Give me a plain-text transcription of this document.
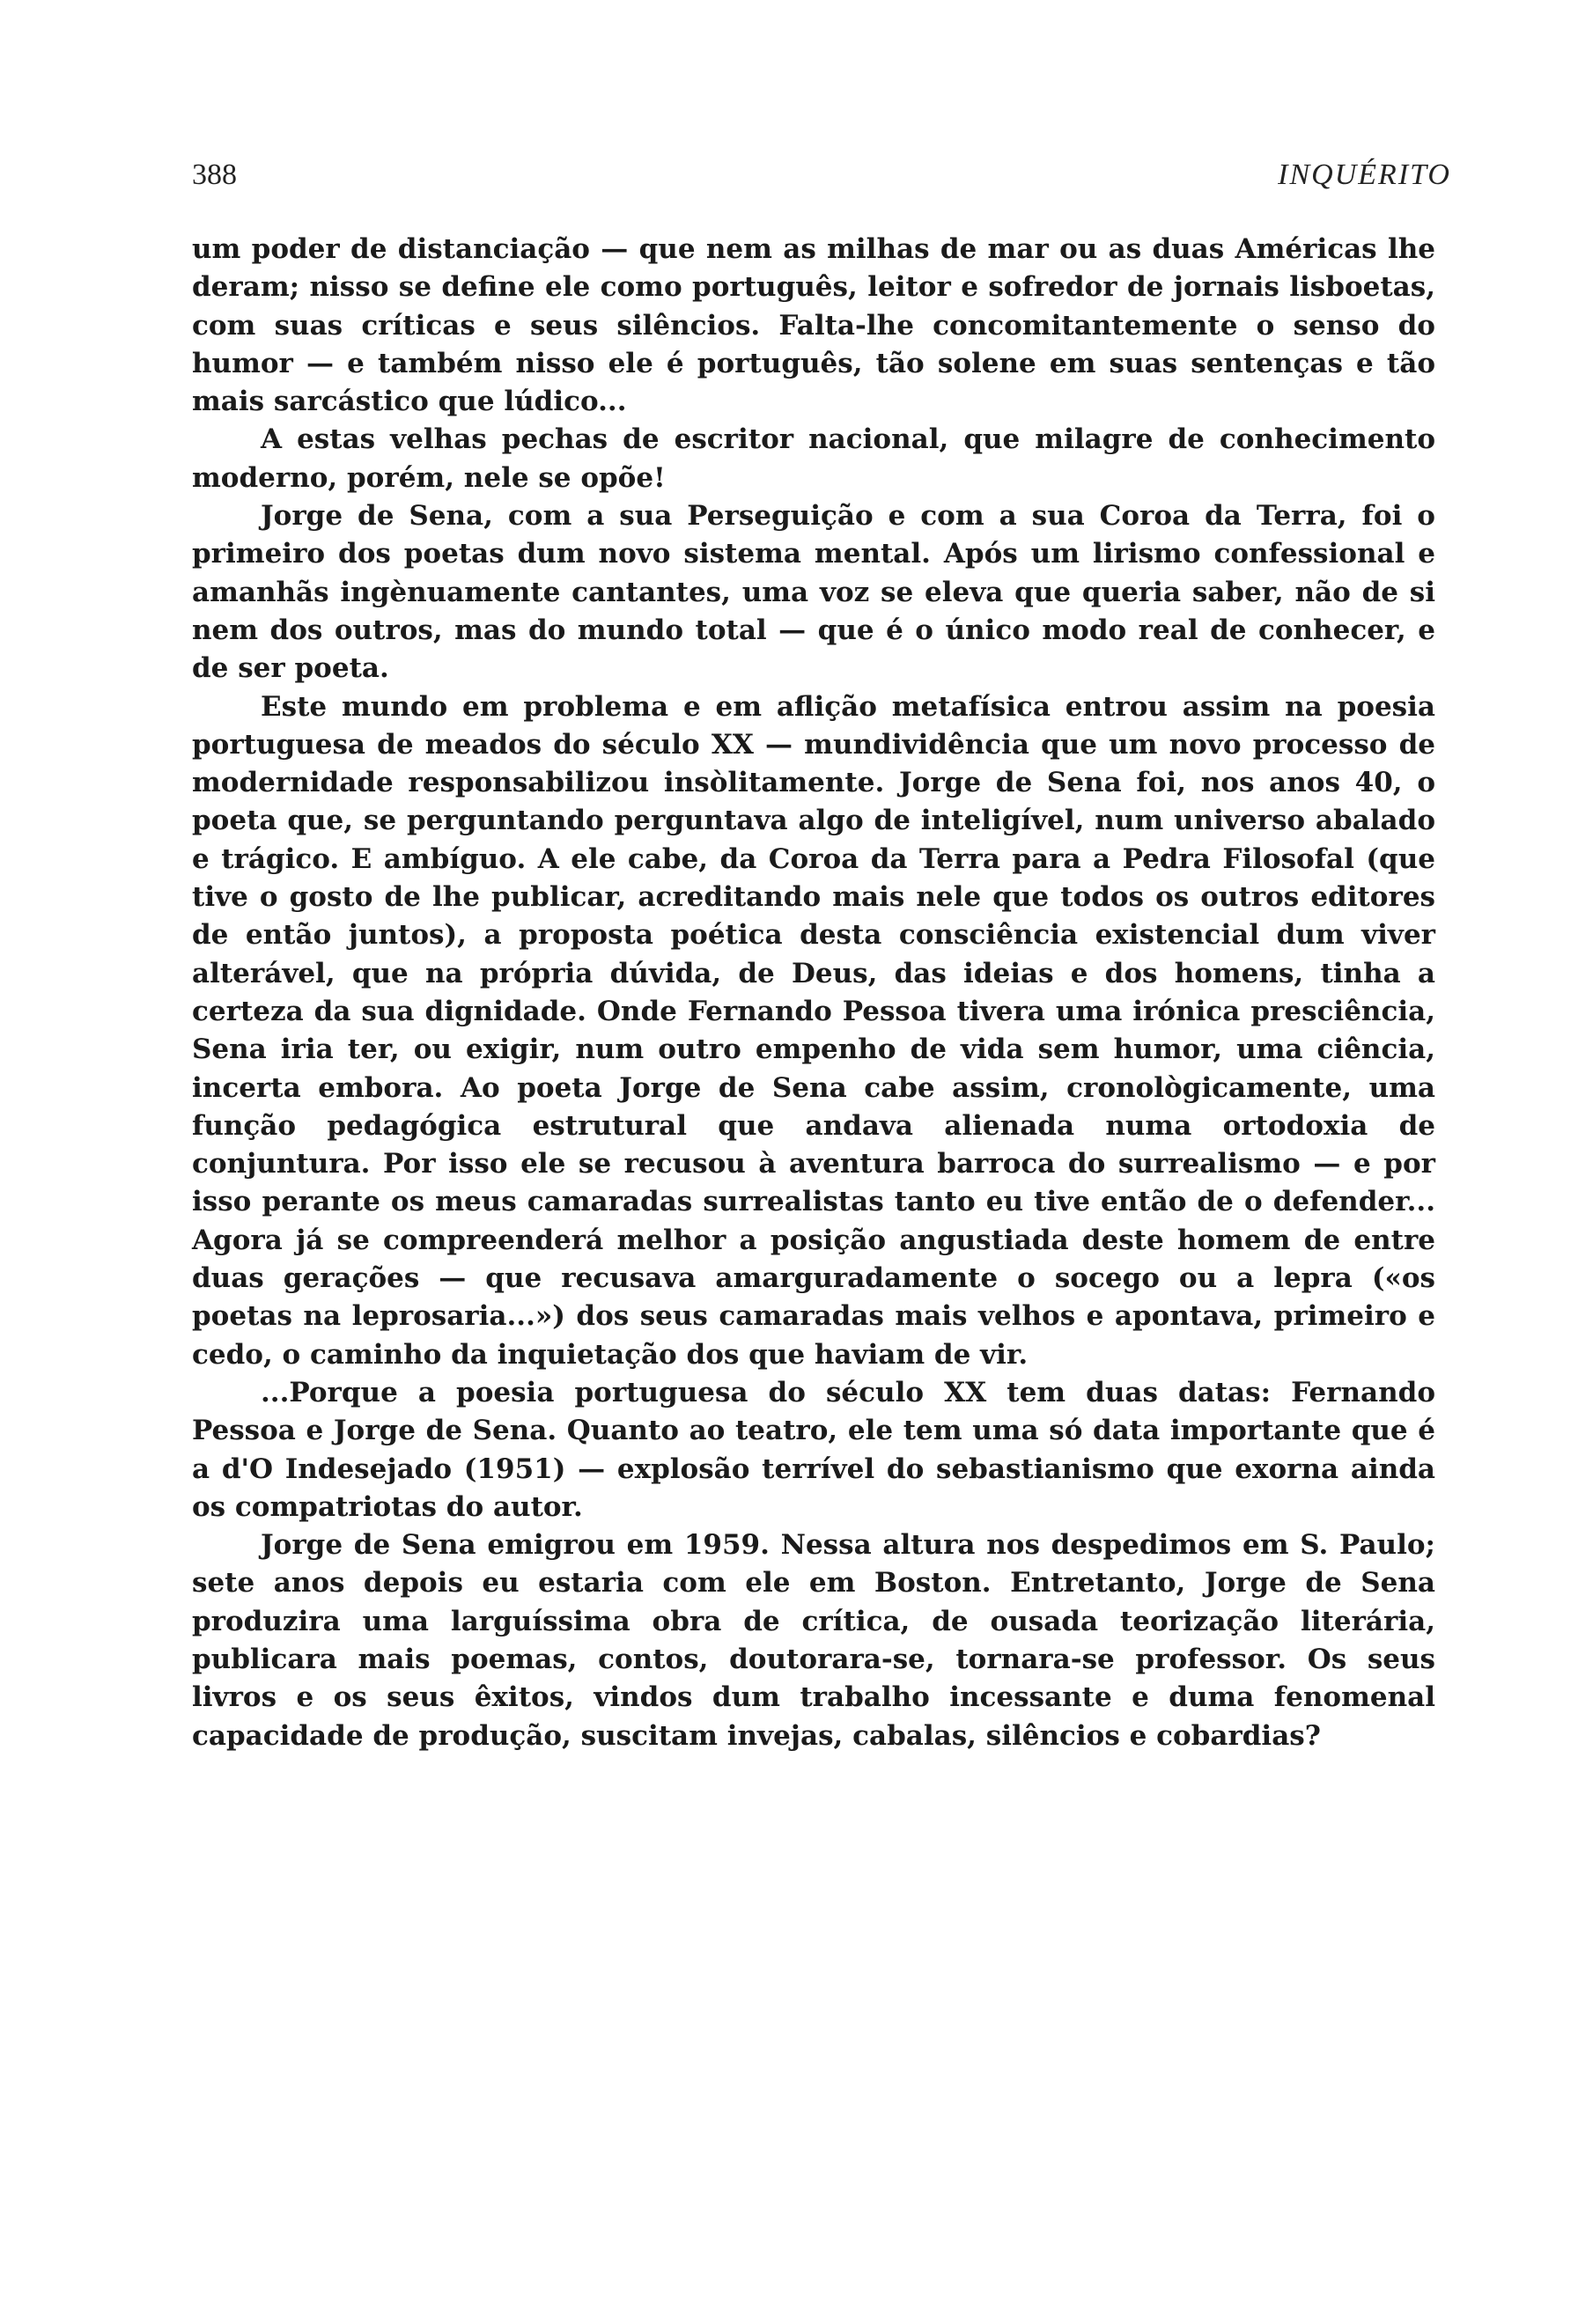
388	INQUÉRITO

um poder de distanciação — que nem as milhas de mar ou as duas Américas lhe deram; nisso se define ele como português, leitor e sofredor de jornais lisboetas, com suas críticas e seus silêncios. Falta-lhe concomitantemente o senso do humor — e também nisso ele é português, tão solene em suas sentenças e tão mais sarcástico que lúdico...

A estas velhas pechas de escritor nacional, que milagre de conhecimento moderno, porém, nele se opõe!

Jorge de Sena, com a sua Perseguição e com a sua Coroa da Terra, foi o primeiro dos poetas dum novo sistema mental. Após um lirismo confessional e amanhãs ingènuamente cantantes, uma voz se eleva que queria saber, não de si nem dos outros, mas do mundo total — que é o único modo real de conhecer, e de ser poeta.

Este mundo em problema e em aflição metafísica entrou assim na poesia portuguesa de meados do século XX — mundividência que um novo processo de modernidade responsabilizou insòlitamente. Jorge de Sena foi, nos anos 40, o poeta que, se perguntando perguntava algo de inteligível, num universo abalado e trágico. E ambíguo. A ele cabe, da Coroa da Terra para a Pedra Filosofal (que tive o gosto de lhe publicar, acreditando mais nele que todos os outros editores de então juntos), a proposta poética desta consciência existencial dum viver alterável, que na própria dúvida, de Deus, das ideias e dos homens, tinha a certeza da sua dignidade. Onde Fernando Pessoa tivera uma irónica presciência, Sena iria ter, ou exigir, num outro empenho de vida sem humor, uma ciência, incerta embora. Ao poeta Jorge de Sena cabe assim, cronològicamente, uma função pedagógica estrutural que andava alienada numa ortodoxia de conjuntura. Por isso ele se recusou à aventura barroca do surrealismo — e por isso perante os meus camaradas surrealistas tanto eu tive então de o defender... Agora já se compreenderá melhor a posição angustiada deste homem de entre duas gerações — que recusava amarguradamente o socego ou a lepra («os poetas na leprosaria...») dos seus camaradas mais velhos e apontava, primeiro e cedo, o caminho da inquietação dos que haviam de vir.

...Porque a poesia portuguesa do século XX tem duas datas: Fernando Pessoa e Jorge de Sena. Quanto ao teatro, ele tem uma só data importante que é a d'O Indesejado (1951) — explosão terrível do sebastianismo que exorna ainda os compatriotas do autor.

Jorge de Sena emigrou em 1959. Nessa altura nos despedimos em S. Paulo; sete anos depois eu estaria com ele em Boston. Entretanto, Jorge de Sena produzira uma larguíssima obra de crítica, de ousada teorização literária, publicara mais poemas, contos, doutorara-se, tornara-se professor. Os seus livros e os seus êxitos, vindos dum trabalho incessante e duma fenomenal capacidade de produção, suscitam invejas, cabalas, silêncios e cobardias?
